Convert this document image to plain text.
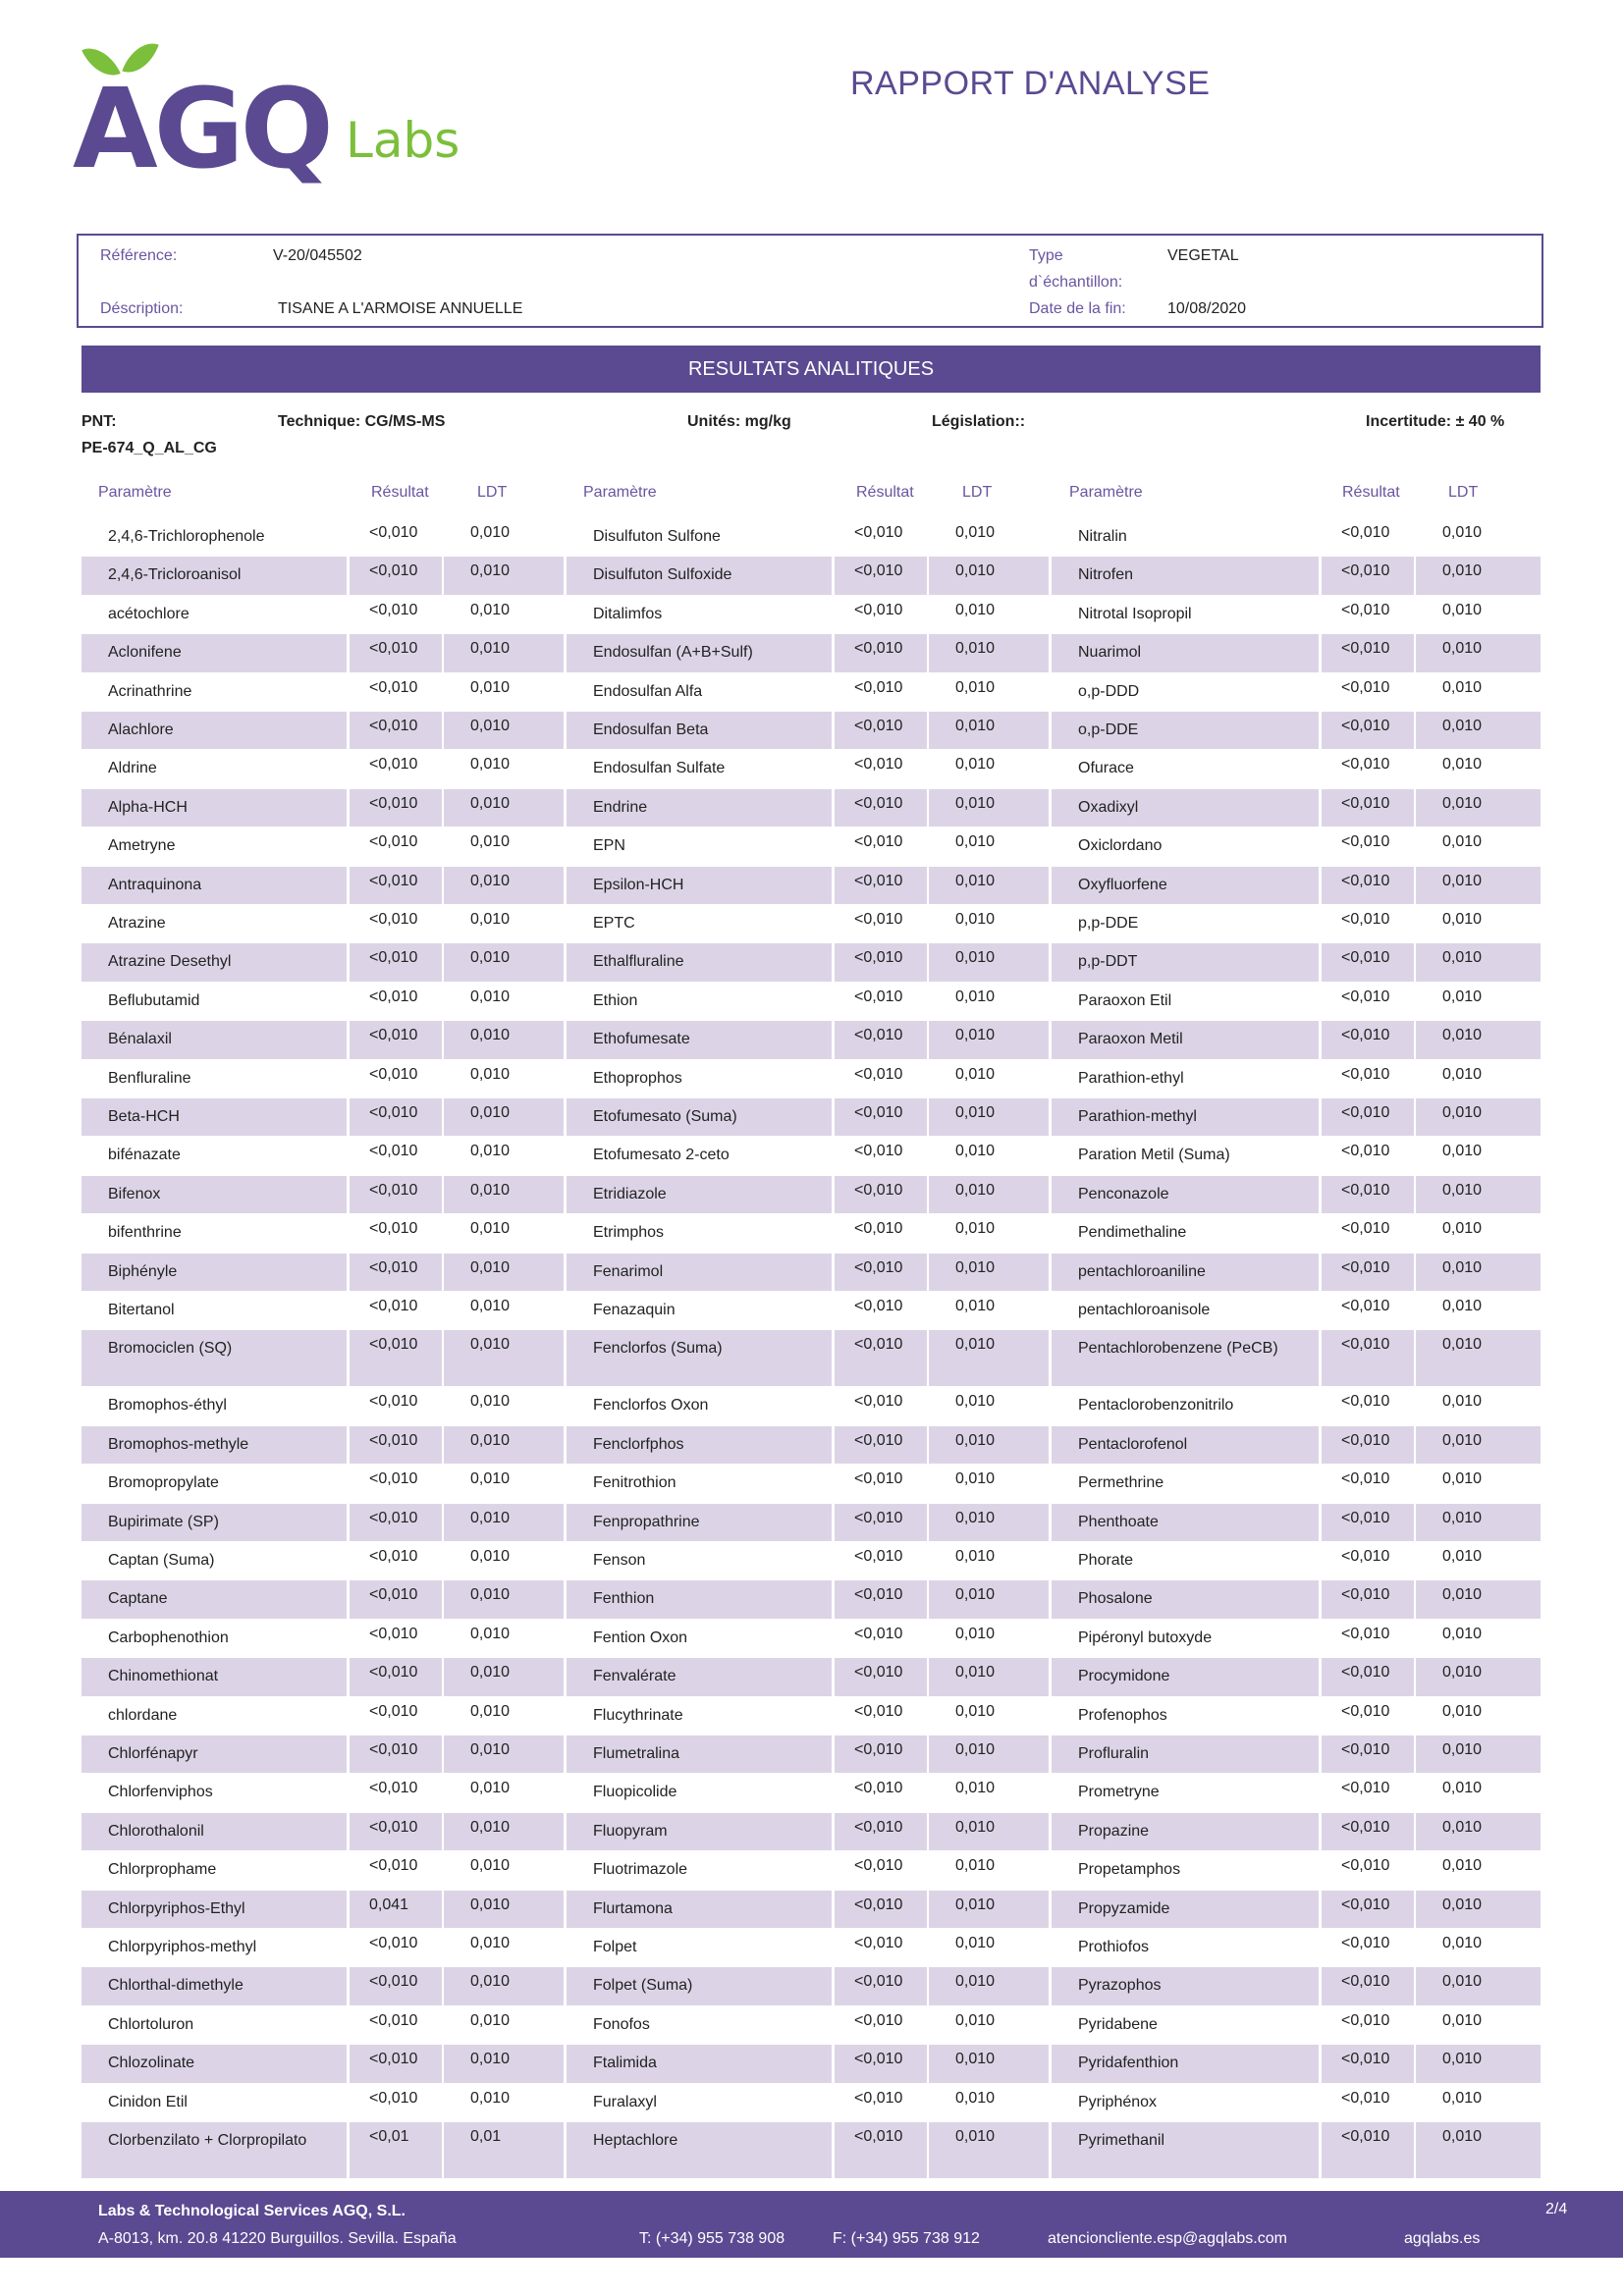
AGQ Labs
RAPPORT D'ANALYSE
Référence:	V-20/045502
Déscription:	TISANE A L'ARMOISE ANNUELLE
Type
d`échantillon:
VEGETAL
Date de la fin:	10/08/2020
RESULTATS ANALITIQUES
PNT:
PE-674_Q_AL_CG
Technique: CG/MS-MS	Unités: mg/kg	Législation::	Incertitude: ± 40 %
Paramètre	Résultat	LDT	Paramètre	Résultat	LDT	Paramètre	Résultat	LDT
2,4,6-Trichlorophenole	<0,010	0,010	Disulfuton Sulfone	<0,010	0,010	Nitralin	<0,010	0,010
2,4,6-Tricloroanisol	<0,010	0,010	Disulfuton Sulfoxide	<0,010	0,010	Nitrofen	<0,010	0,010
acétochlore	<0,010	0,010	Ditalimfos	<0,010	0,010	Nitrotal Isopropil	<0,010	0,010
Aclonifene	<0,010	0,010	Endosulfan (A+B+Sulf)	<0,010	0,010	Nuarimol	<0,010	0,010
Acrinathrine	<0,010	0,010	Endosulfan Alfa	<0,010	0,010	o,p-DDD	<0,010	0,010
Alachlore	<0,010	0,010	Endosulfan Beta	<0,010	0,010	o,p-DDE	<0,010	0,010
Aldrine	<0,010	0,010	Endosulfan Sulfate	<0,010	0,010	Ofurace	<0,010	0,010
Alpha-HCH	<0,010	0,010	Endrine	<0,010	0,010	Oxadixyl	<0,010	0,010
Ametryne	<0,010	0,010	EPN	<0,010	0,010	Oxiclordano	<0,010	0,010
Antraquinona	<0,010	0,010	Epsilon-HCH	<0,010	0,010	Oxyfluorfene	<0,010	0,010
Atrazine	<0,010	0,010	EPTC	<0,010	0,010	p,p-DDE	<0,010	0,010
Atrazine Desethyl	<0,010	0,010	Ethalfluraline	<0,010	0,010	p,p-DDT	<0,010	0,010
Beflubutamid	<0,010	0,010	Ethion	<0,010	0,010	Paraoxon Etil	<0,010	0,010
Bénalaxil	<0,010	0,010	Ethofumesate	<0,010	0,010	Paraoxon Metil	<0,010	0,010
Benfluraline	<0,010	0,010	Ethoprophos	<0,010	0,010	Parathion-ethyl	<0,010	0,010
Beta-HCH	<0,010	0,010	Etofumesato (Suma)	<0,010	0,010	Parathion-methyl	<0,010	0,010
bifénazate	<0,010	0,010	Etofumesato 2-ceto	<0,010	0,010	Paration Metil (Suma)	<0,010	0,010
Bifenox	<0,010	0,010	Etridiazole	<0,010	0,010	Penconazole	<0,010	0,010
bifenthrine	<0,010	0,010	Etrimphos	<0,010	0,010	Pendimethaline	<0,010	0,010
Biphényle	<0,010	0,010	Fenarimol	<0,010	0,010	pentachloroaniline	<0,010	0,010
Bitertanol	<0,010	0,010	Fenazaquin	<0,010	0,010	pentachloroanisole	<0,010	0,010
Bromociclen (SQ)	<0,010	0,010	Fenclorfos (Suma)	<0,010	0,010	Pentachlorobenzene (PeCB)	<0,010	0,010
Bromophos-éthyl	<0,010	0,010	Fenclorfos Oxon	<0,010	0,010	Pentaclorobenzonitrilo	<0,010	0,010
Bromophos-methyle	<0,010	0,010	Fenclorfphos	<0,010	0,010	Pentaclorofenol	<0,010	0,010
Bromopropylate	<0,010	0,010	Fenitrothion	<0,010	0,010	Permethrine	<0,010	0,010
Bupirimate (SP)	<0,010	0,010	Fenpropathrine	<0,010	0,010	Phenthoate	<0,010	0,010
Captan (Suma)	<0,010	0,010	Fenson	<0,010	0,010	Phorate	<0,010	0,010
Captane	<0,010	0,010	Fenthion	<0,010	0,010	Phosalone	<0,010	0,010
Carbophenothion	<0,010	0,010	Fention Oxon	<0,010	0,010	Pipéronyl butoxyde	<0,010	0,010
Chinomethionat	<0,010	0,010	Fenvalérate	<0,010	0,010	Procymidone	<0,010	0,010
chlordane	<0,010	0,010	Flucythrinate	<0,010	0,010	Profenophos	<0,010	0,010
Chlorfénapyr	<0,010	0,010	Flumetralina	<0,010	0,010	Profluralin	<0,010	0,010
Chlorfenviphos	<0,010	0,010	Fluopicolide	<0,010	0,010	Prometryne	<0,010	0,010
Chlorothalonil	<0,010	0,010	Fluopyram	<0,010	0,010	Propazine	<0,010	0,010
Chlorprophame	<0,010	0,010	Fluotrimazole	<0,010	0,010	Propetamphos	<0,010	0,010
Chlorpyriphos-Ethyl	0,041	0,010	Flurtamona	<0,010	0,010	Propyzamide	<0,010	0,010
Chlorpyriphos-methyl	<0,010	0,010	Folpet	<0,010	0,010	Prothiofos	<0,010	0,010
Chlorthal-dimethyle	<0,010	0,010	Folpet (Suma)	<0,010	0,010	Pyrazophos	<0,010	0,010
Chlortoluron	<0,010	0,010	Fonofos	<0,010	0,010	Pyridabene	<0,010	0,010
Chlozolinate	<0,010	0,010	Ftalimida	<0,010	0,010	Pyridafenthion	<0,010	0,010
Cinidon Etil	<0,010	0,010	Furalaxyl	<0,010	0,010	Pyriphénox	<0,010	0,010
Clorbenzilato + Clorpropilato	<0,01	0,01	Heptachlore	<0,010	0,010	Pyrimethanil	<0,010	0,010
Labs & Technological Services AGQ, S.L.
A-8013, km. 20.8 41220 Burguillos. Sevilla. España	T: (+34) 955 738 908	F: (+34) 955 738 912	atencioncliente.esp@agqlabs.com	agqlabs.es
2/4
